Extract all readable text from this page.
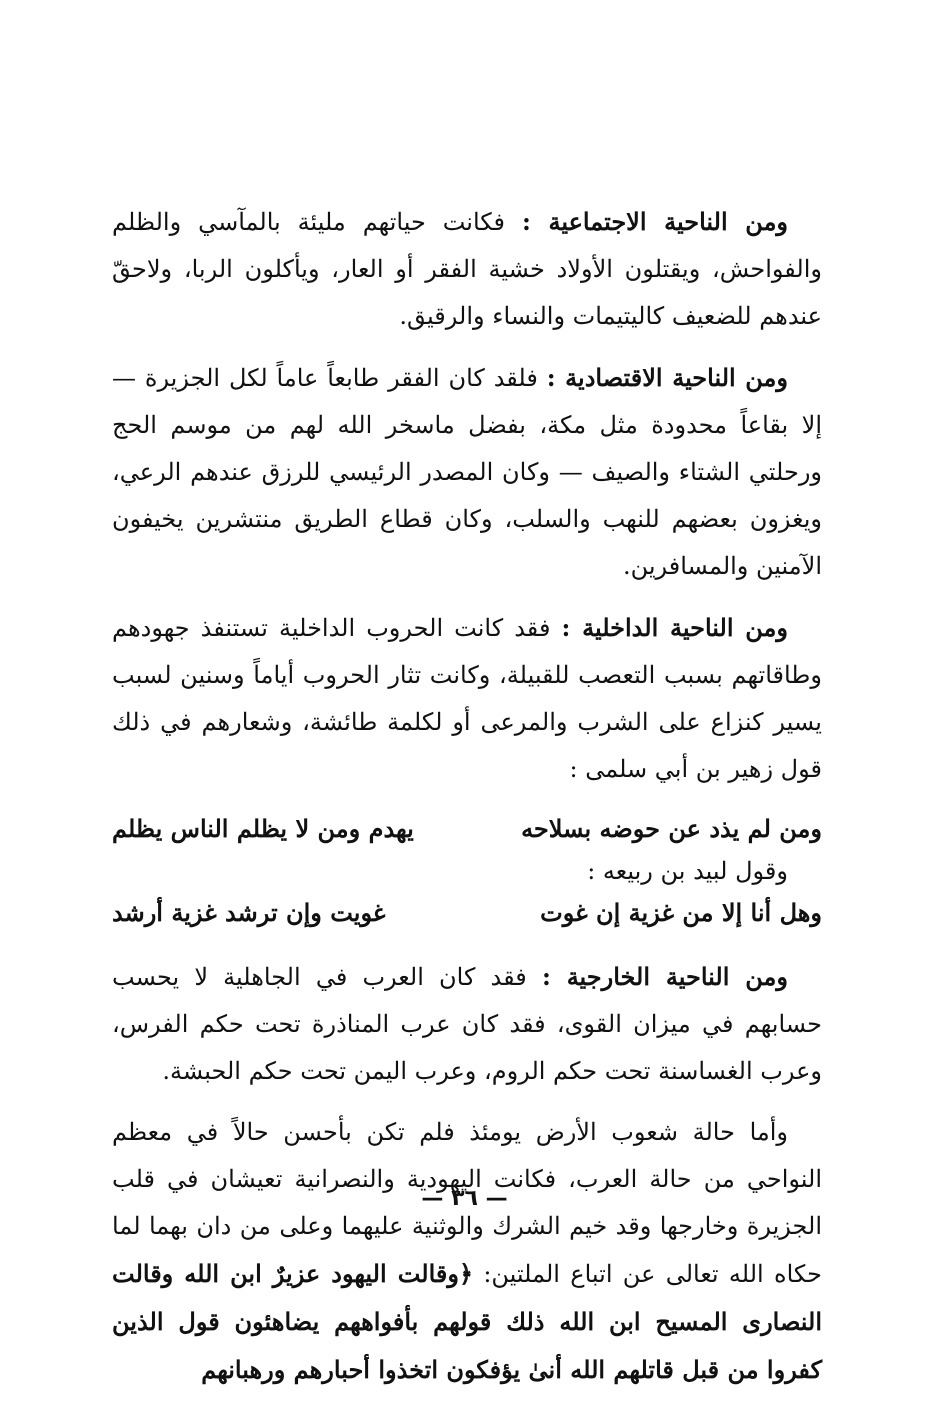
ومن الناحية الاجتماعية : فكانت حياتهم مليئة بالمآسي والظلم والفواحش، ويقتلون الأولاد خشية الفقر أو العار، ويأكلون الربا، ولاحقّ عندهم للضعيف كاليتيمات والنساء والرقيق.

ومن الناحية الاقتصادية : فلقد كان الفقر طابعاً عاماً لكل الجزيرة — إلا بقاعاً محدودة مثل مكة، بفضل ماسخر الله لهم من موسم الحج ورحلتي الشتاء والصيف — وكان المصدر الرئيسي للرزق عندهم الرعي، ويغزون بعضهم للنهب والسلب، وكان قطاع الطريق منتشرين يخيفون الآمنين والمسافرين.

ومن الناحية الداخلية : فقد كانت الحروب الداخلية تستنفذ جهودهم وطاقاتهم بسبب التعصب للقبيلة، وكانت تثار الحروب أياماً وسنين لسبب يسير كنزاع على الشرب والمرعى أو لكلمة طائشة، وشعارهم في ذلك قول زهير بن أبي سلمى :

ومن لم يذد عن حوضه بسلاحه
يهدم ومن لا يظلم الناس يظلم

وقول لبيد بن ربيعه :

وهل أنا إلا من غزية إن غوت
غويت وإن ترشد غزية أرشد

ومن الناحية الخارجية : فقد كان العرب في الجاهلية لا يحسب حسابهم في ميزان القوى، فقد كان عرب المناذرة تحت حكم الفرس، وعرب الغساسنة تحت حكم الروم، وعرب اليمن تحت حكم الحبشة.

وأما حالة شعوب الأرض يومئذ فلم تكن بأحسن حالاً في معظم النواحي من حالة العرب، فكانت اليهودية والنصرانية تعيشان في قلب الجزيرة وخارجها وقد خيم الشرك والوثنية عليهما وعلى من دان بهما لما حكاه الله تعالى عن اتباع الملتين: ﴿وقالت اليهود عزيرٌ ابن الله وقالت النصارى المسيح ابن الله ذلك قولهم بأفواههم يضاهئون قول الذين كفروا من قبل قاتلهم الله أنىٰ يؤفكون اتخذوا أحبارهم ورهبانهم

— ٣٦ —
